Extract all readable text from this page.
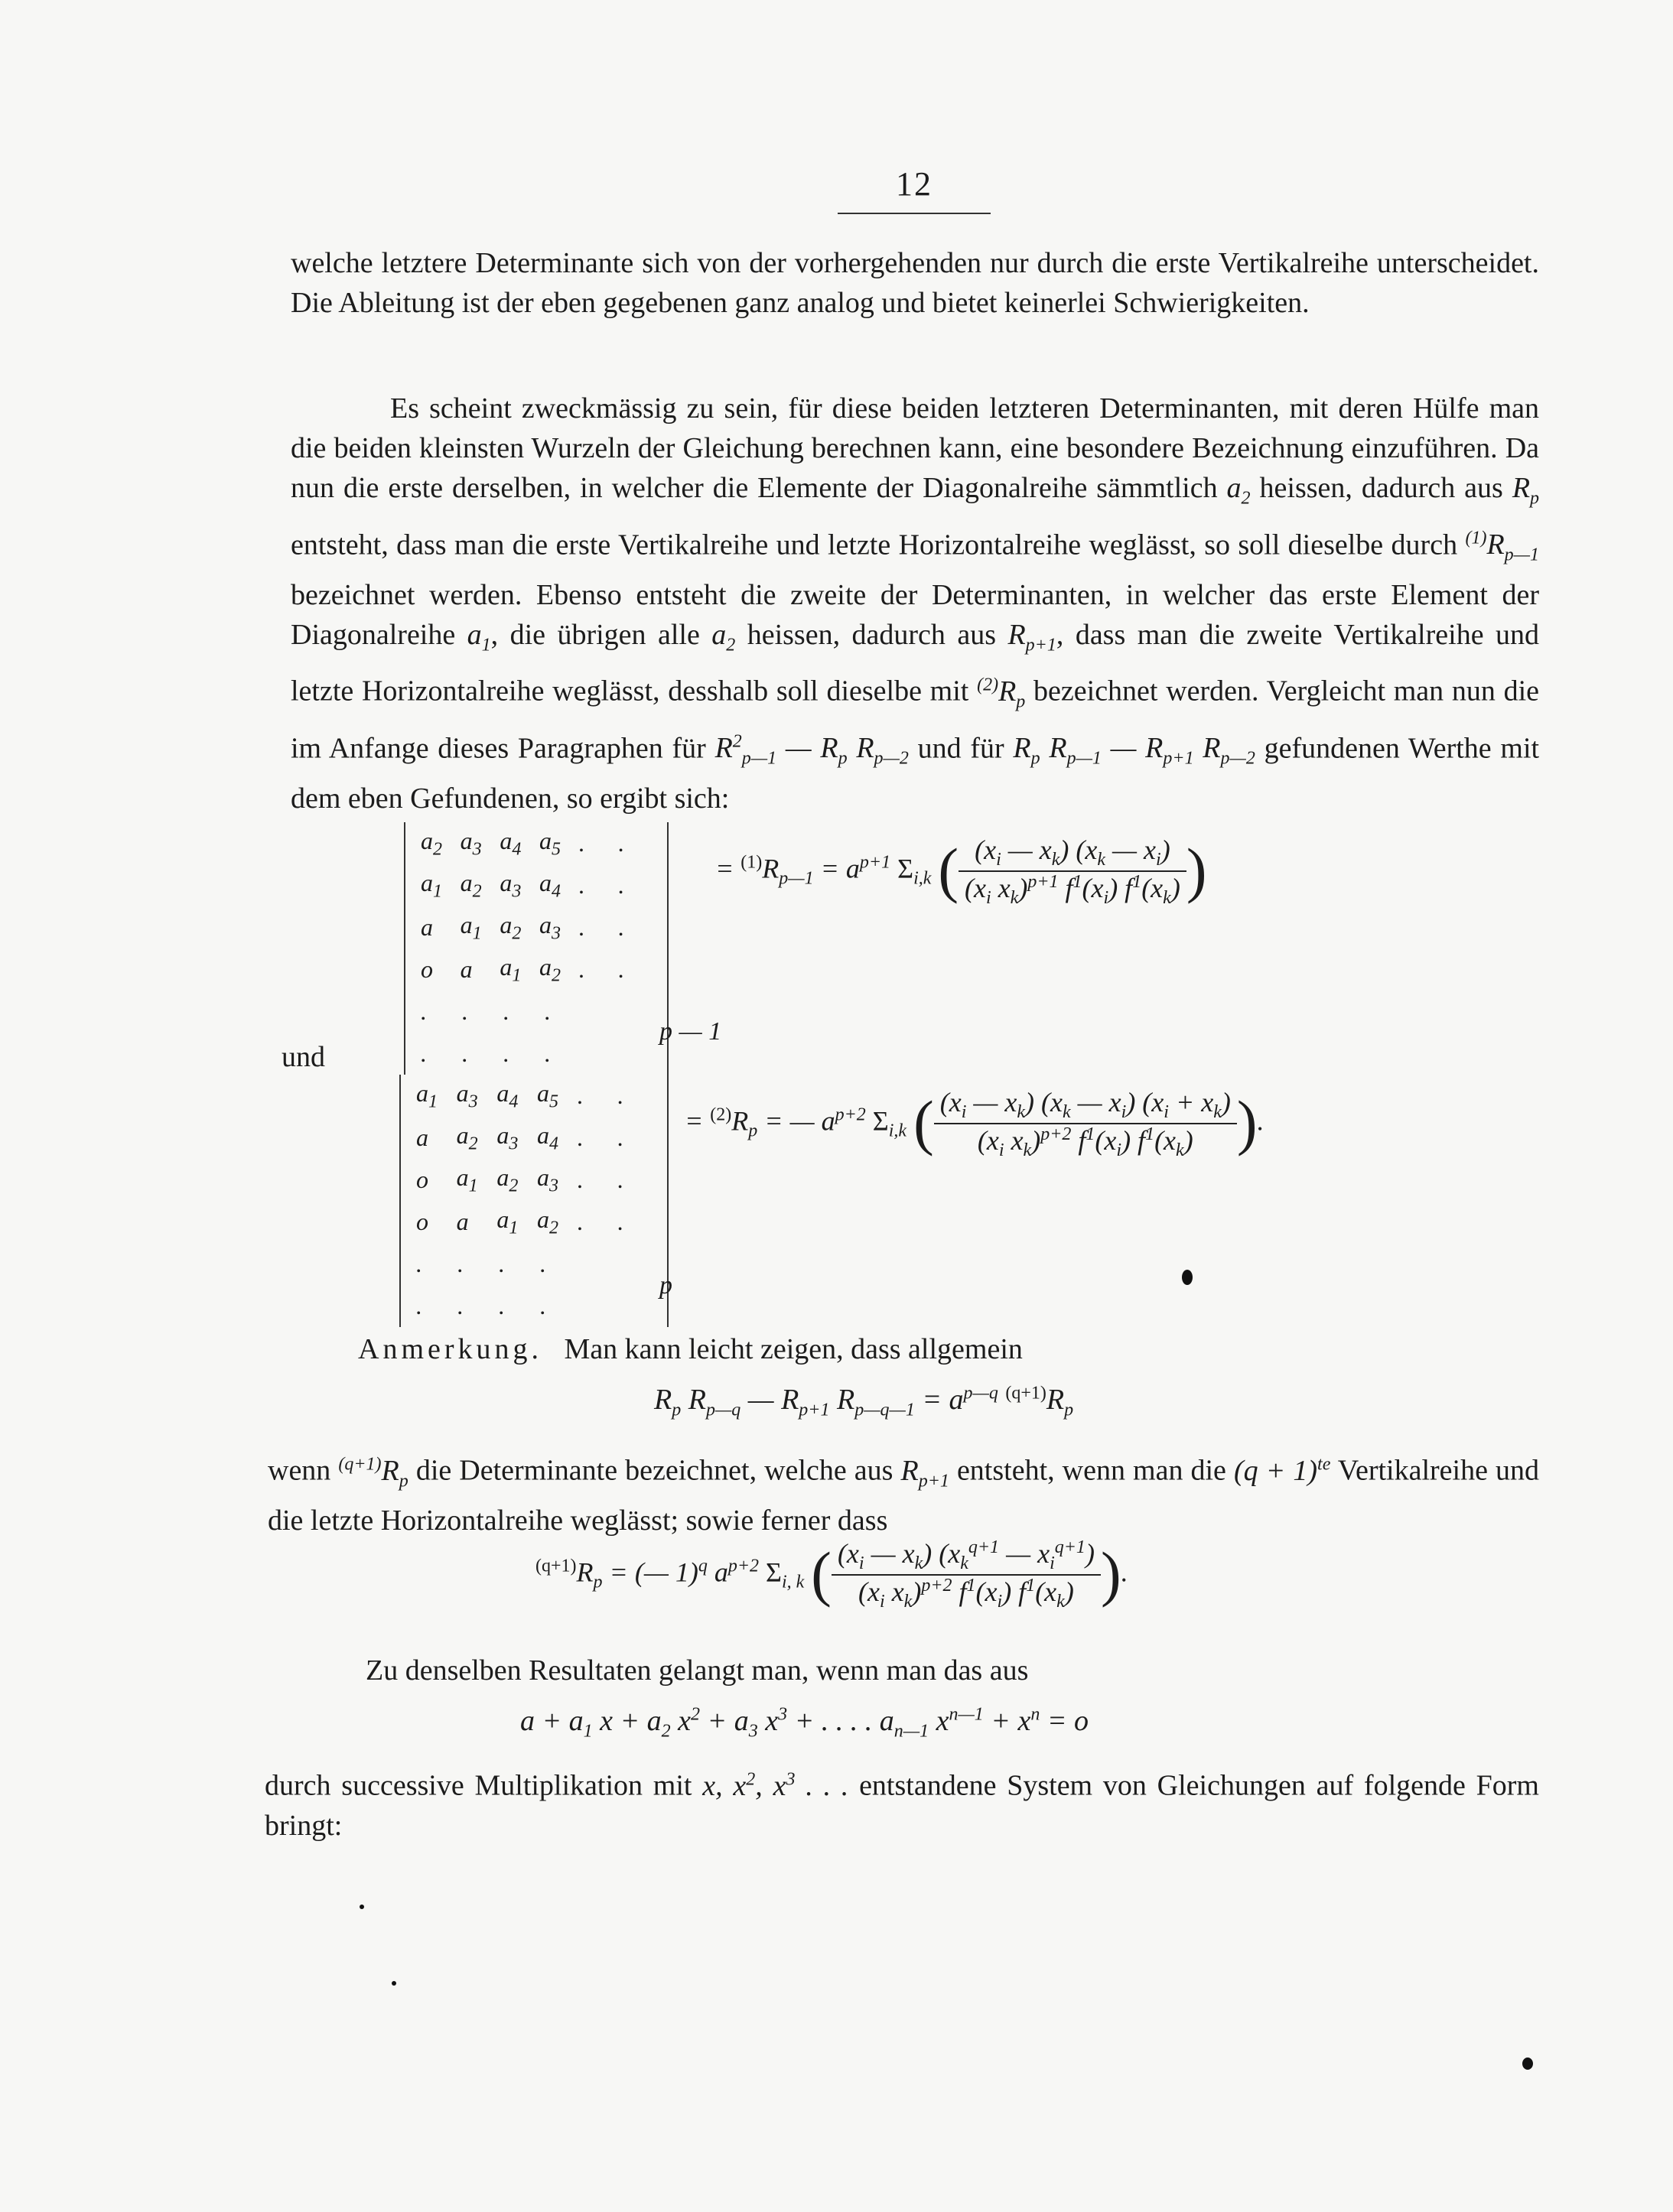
12
welche letztere Determinante sich von der vorhergehenden nur durch die erste Vertikalreihe unterscheidet. Die Ableitung ist der eben gegebenen ganz analog und bietet keinerlei Schwierigkeiten.
Es scheint zweckmässig zu sein, für diese beiden letzteren Determinanten, mit deren Hülfe man die beiden kleinsten Wurzeln der Gleichung berechnen kann, eine besondere Bezeichnung einzuführen. Da nun die erste derselben, in welcher die Elemente der Diagonalreihe sämmtlich $a_2$ heissen, dadurch aus $R_p$ entsteht, dass man die erste Vertikalreihe und letzte Horizontalreihe weglässt, so soll dieselbe durch $^{(1)}R_{p—1}$ bezeichnet werden. Ebenso entsteht die zweite der Determinanten, in welcher das erste Element der Diagonalreihe $a_1$, die übrigen alle $a_2$ heissen, dadurch aus $R_{p+1}$, dass man die zweite Vertikalreihe und letzte Horizontalreihe weglässt, desshalb soll dieselbe mit $^{(2)}R_p$ bezeichnet werden. Vergleicht man nun die im Anfange dieses Paragraphen für $R^2_{p—1}$ — $R_p$ $R_{p—2}$ und für $R_p$ $R_{p—1}$ — $R_{p+1}$ $R_{p—2}$ gefundenen Werthe mit dem eben Gefundenen, so ergibt sich:
$a_2$ $a_3$ $a_4$ $a_5$ .	.
$a_1$ $a_2$ $a_3$ $a_4$ .	.
a	$a_1$ $a_2$ $a_3$ .	.
o	a	$a_1$ $a_2$ .	.
.	.	.	.
.	.	.	.
p — 1
= $^{(1)}R_{p—1} = a^{p+1}$ $\Sigma_{i,k}$ ( $\frac{(x_i — x_k) (x_k — x_i)}{(x_i x_k)^{p+1} f^1(x_i) f^1(x_k)}$ )
und
$a_1$ $a_3$ $a_4$ $a_5$ .	.
a	$a_2$ $a_3$ $a_4$ .	.
o	$a_1$ $a_2$ $a_3$ .	.
o	a	$a_1$ $a_2$ .	.
.	.	.	.
.	.	.	.
p
= $^{(2)}R_p$ = — $a^{p+2}$ $\Sigma_{i,k}$ ( $\frac{(x_i — x_k) (x_k — x_i) (x_i + x_k)}{(x_i x_k)^{p+2} f^1(x_i) f^1(x_k)}$ ).
Anmerkung. Man kann leicht zeigen, dass allgemein
$R_p$ $R_{p—q}$ — $R_{p+1}$ $R_{p—q—1} = a^{p—q}$ $^{(q+1)}R_p$
wenn $^{(q+1)}R_p$ die Determinante bezeichnet, welche aus $R_{p+1}$ entsteht, wenn man die $(q + 1)^{te}$ Vertikalreihe und die letzte Horizontalreihe weglässt; sowie ferner dass
$^{(q+1)}R_p$ = (— 1)$^q$ $a^{p+2}$ $\Sigma_{i, k}$ ( $\frac{(x_i — x_k) (x_k^{q+1} — x_i^{q+1})}{(x_i x_k)^{p+2} f^1(x_i) f^1(x_k)}$ ).
Zu denselben Resultaten gelangt man, wenn man das aus
$a + a_1$ $x + a_2$ $x^2 + a_3$ $x^3$ + . . . . $a_{n—1}$ $x^{n—1} + x^n = o$
durch successive Multiplikation mit x, $x^2$, $x^3$ . . . entstandene System von Gleichungen auf folgende Form bringt:
